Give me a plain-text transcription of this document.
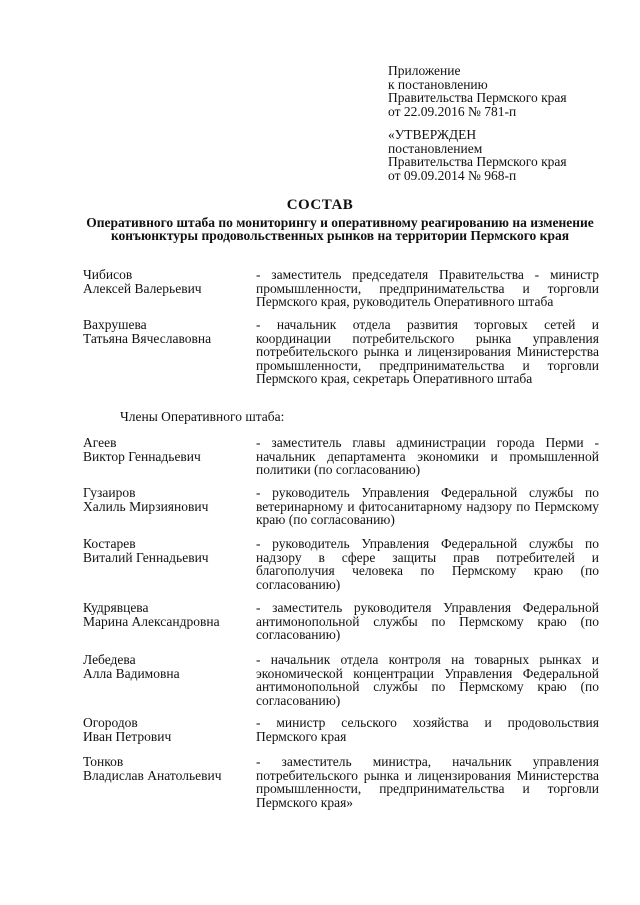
Приложение
к постановлению
Правительства Пермского края
от 22.09.2016 № 781-п
«УТВЕРЖДЕН
постановлением
Правительства Пермского края
от 09.09.2014 № 968-п
СОСТАВ
Оперативного штаба по мониторингу и оперативному реагированию на изменение конъюнктуры продовольственных рынков на территории Пермского края
Чибисов
Алексей Валерьевич
- заместитель председателя Правительства - министр промышленности, предпринимательства и торговли Пермского края, руководитель Оперативного штаба
Вахрушева
Татьяна Вячеславовна
- начальник отдела развития торговых сетей и координации потребительского рынка управления потребительского рынка и лицензирования Министерства промышленности, предпринимательства и торговли Пермского края, секретарь Оперативного штаба
Члены Оперативного штаба:
Агеев
Виктор Геннадьевич
- заместитель главы администрации города Перми - начальник департамента экономики и промышленной политики (по согласованию)
Гузаиров
Халиль Мирзиянович
- руководитель Управления Федеральной службы по ветеринарному и фитосанитарному надзору по Пермскому краю (по согласованию)
Костарев
Виталий Геннадьевич
- руководитель Управления Федеральной службы по надзору в сфере защиты прав потребителей и благополучия человека по Пермскому краю (по согласованию)
Кудрявцева
Марина Александровна
- заместитель руководителя Управления Федеральной антимонопольной службы по Пермскому краю (по согласованию)
Лебедева
Алла Вадимовна
- начальник отдела контроля на товарных рынках и экономической концентрации Управления Федеральной антимонопольной службы по Пермскому краю (по согласованию)
Огородов
Иван Петрович
- министр сельского хозяйства и продовольствия Пермского края
Тонков
Владислав Анатольевич
- заместитель министра, начальник управления потребительского рынка и лицензирования Министерства промышленности, предпринимательства и торговли Пермского края»
